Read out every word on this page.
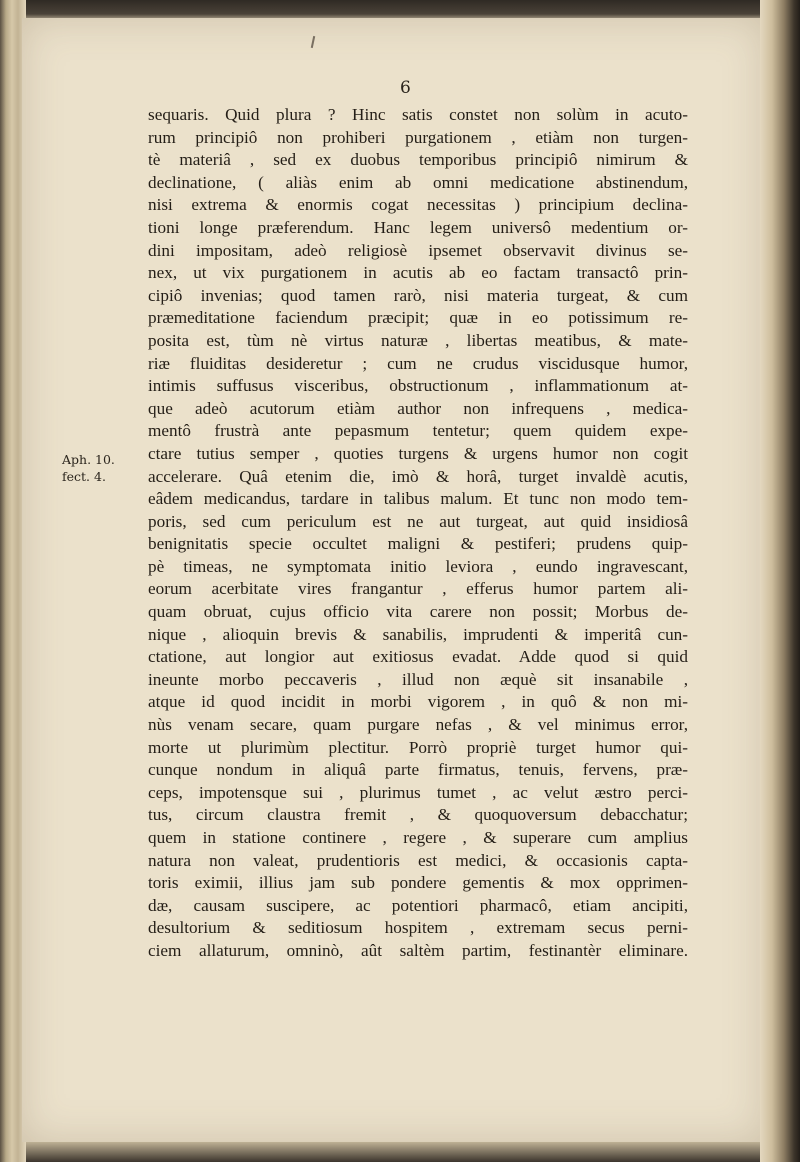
6
Aph. 10.
fect. 4.
sequaris. Quid plura ? Hinc satis constet non solùm in acuto-
rum principiô non prohiberi purgationem , etiàm non turgen-
tè materiâ , sed ex duobus temporibus principiô nimirum &
declinatione, ( aliàs enim ab omni medicatione abstinendum,
nisi extrema & enormis cogat necessitas ) principium declina-
tioni longe præferendum. Hanc legem universô medentium or-
dini impositam, adeò religiosè ipsemet observavit divinus se-
nex, ut vix purgationem in acutis ab eo factam transactô prin-
cipiô invenias; quod tamen rarò, nisi materia turgeat, & cum
præmeditatione faciendum præcipit; quæ in eo potissimum re-
posita est, tùm nè virtus naturæ , libertas meatibus, & mate-
riæ fluiditas desideretur ; cum ne crudus viscidusque humor,
intimis suffusus visceribus, obstructionum , inflammationum at-
que adeò acutorum etiàm author non infrequens , medica-
mentô frustrà ante pepasmum tentetur; quem quidem expe-
ctare tutius semper , quoties turgens & urgens humor non cogit
accelerare. Quâ etenim die, imò & horâ, turget invaldè acutis,
eâdem medicandus, tardare in talibus malum. Et tunc non modo tem-
poris, sed cum periculum est ne aut turgeat, aut quid insidiosâ
benignitatis specie occultet maligni & pestiferi; prudens quip-
pè timeas, ne symptomata initio leviora , eundo ingravescant,
eorum acerbitate vires frangantur , efferus humor partem ali-
quam obruat, cujus officio vita carere non possit; Morbus de-
nique , alioquin brevis & sanabilis, imprudenti & imperitâ cun-
ctatione, aut longior aut exitiosus evadat. Adde quod si quid
ineunte morbo peccaveris , illud non æquè sit insanabile ,
atque id quod incidit in morbi vigorem , in quô & non mi-
nùs venam secare, quam purgare nefas , & vel minimus error,
morte ut plurimùm plectitur. Porrò propriè turget humor qui-
cunque nondum in aliquâ parte firmatus, tenuis, fervens, præ-
ceps, impotensque sui , plurimus tumet , ac velut æstro perci-
tus, circum claustra fremit , & quoquoversum debacchatur;
quem in statione continere , regere , & superare cum amplius
natura non valeat, prudentioris est medici, & occasionis capta-
toris eximii, illius jam sub pondere gementis & mox opprimen-
dæ, causam suscipere, ac potentiori pharmacô, etiam ancipiti,
desultorium & seditiosum hospitem , extremam secus perni-
ciem allaturum, omninò, aût saltèm partim, festinantèr eliminare.
